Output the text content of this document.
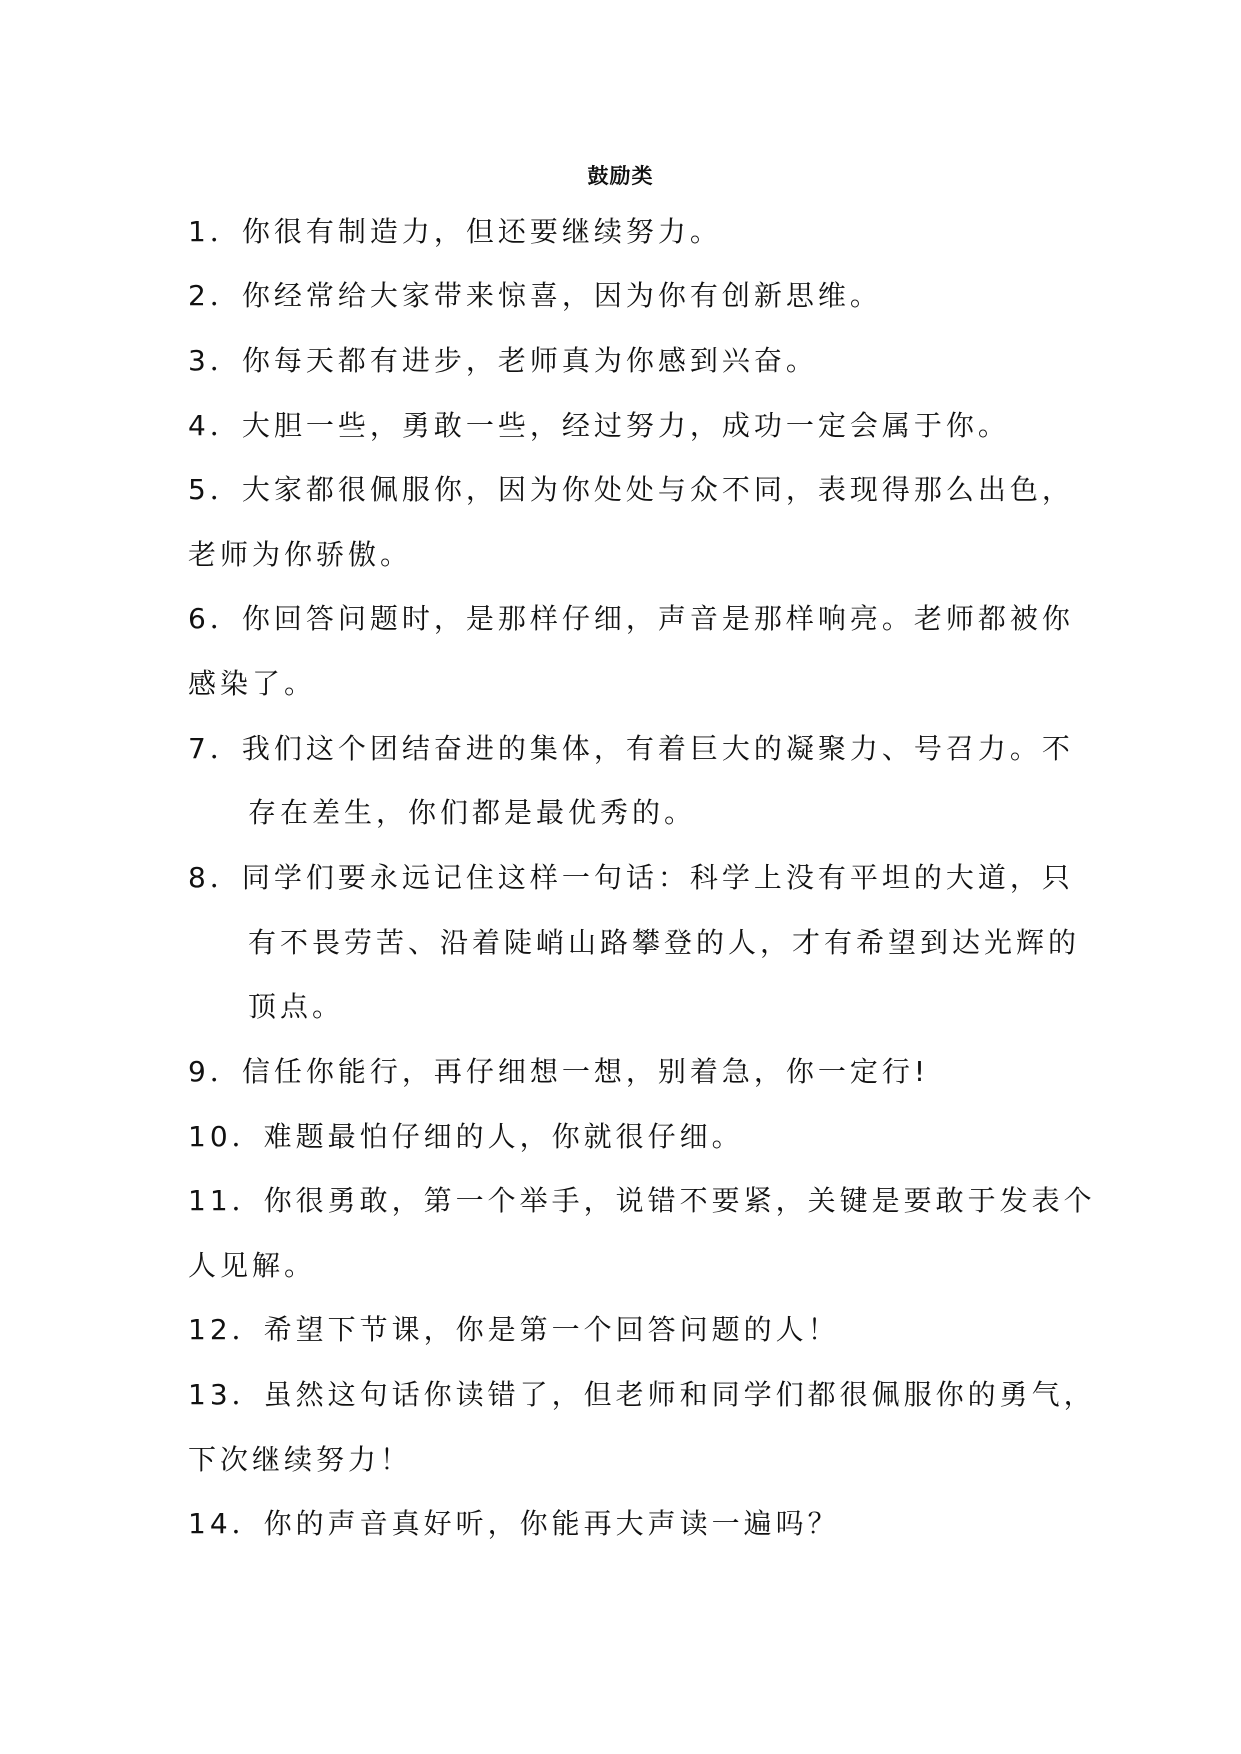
鼓励类
1．你很有制造力，但还要继续努力。
2．你经常给大家带来惊喜，因为你有创新思维。
3．你每天都有进步，老师真为你感到兴奋。
4．大胆一些，勇敢一些，经过努力，成功一定会属于你。
5．大家都很佩服你，因为你处处与众不同，表现得那么出色，
老师为你骄傲。
6．你回答问题时，是那样仔细，声音是那样响亮。老师都被你
感染了。
7．我们这个团结奋进的集体，有着巨大的凝聚力、号召力。不
存在差生，你们都是最优秀的。
8．同学们要永远记住这样一句话：科学上没有平坦的大道，只
有不畏劳苦、沿着陡峭山路攀登的人，才有希望到达光辉的
顶点。
9．信任你能行，再仔细想一想，别着急，你一定行!
10．难题最怕仔细的人，你就很仔细。
11．你很勇敢，第一个举手，说错不要紧，关键是要敢于发表个
人见解。
12．希望下节课，你是第一个回答问题的人！
13．虽然这句话你读错了，但老师和同学们都很佩服你的勇气，
下次继续努力！
14．你的声音真好听，你能再大声读一遍吗？
